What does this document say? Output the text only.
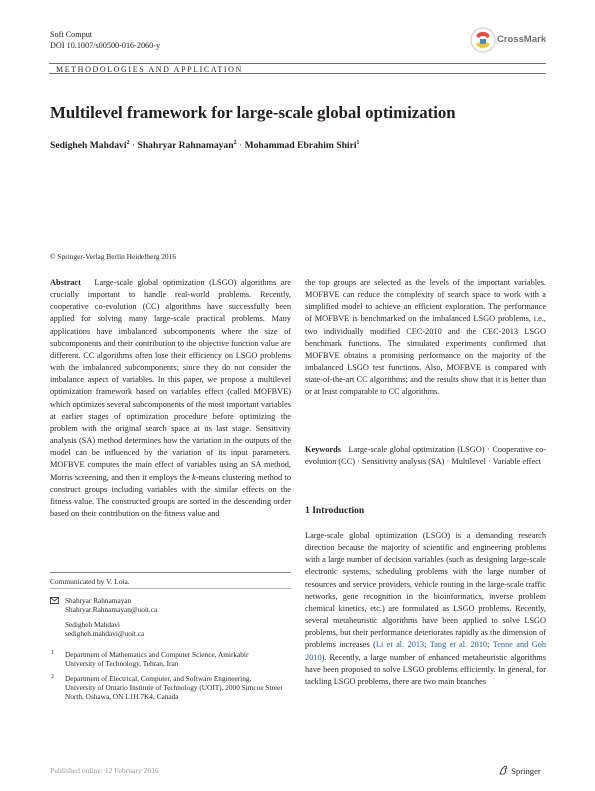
Soft Comput
DOI 10.1007/s00500-016-2060-y
CrossMark
METHODOLOGIES AND APPLICATION
Multilevel framework for large-scale global optimization
Sedigheh Mahdavi$^2$ · Shahryar Rahnamayan$^2$ · Mohammad Ebrahim Shiri$^1$
© Springer-Verlag Berlin Heidelberg 2016

Abstract Large-scale global optimization (LSGO) algorithms are crucially important to handle real-world problems. Recently, cooperative co-evolution (CC) algorithms have successfully been applied for solving many large-scale practical problems. Many applications have imbalanced subcomponents where the size of subcomponents and their contribution to the objective function value are different. CC algorithms often lose their efficiency on LSGO problems with the imbalanced subcomponents; since they do not consider the imbalance aspect of variables. In this paper, we propose a multilevel optimization framework based on variables effect (called MOFBVE) which optimizes several subcomponents of the most important variables at earlier stages of optimization procedure before optimizing the problem with the original search space at its last stage. Sensitivity analysis (SA) method determines how the variation in the outputs of the model can be influenced by the variation of its input parameters. MOFBVE computes the main effect of variables using an SA method, Morris screening, and then it employs the k-means clustering method to construct groups including variables with the similar effects on the fitness value. The constructed groups are sorted in the descending order based on their contribution on the fitness value and

the top groups are selected as the levels of the important variables. MOFBVE can reduce the complexity of search space to work with a simplified model to achieve an efficient exploration. The performance of MOFBVE is benchmarked on the imbalanced LSGO problems, i.e., two individually modified CEC-2010 and the CEC-2013 LSGO benchmark functions. The simulated experiments confirmed that MOFBVE obtains a promising performance on the majority of the imbalanced LSGO test functions. Also, MOFBVE is compared with state-of-the-art CC algorithms; and the results show that it is better than or at least comparable to CC algorithms.
Keywords Large-scale global optimization (LSGO) · Cooperative co-evolution (CC) · Sensitivity analysis (SA) · Multilevel · Variable effect
1 Introduction
Large-scale global optimization (LSGO) is a demanding research direction because the majority of scientific and engineering problems with a large number of decision variables (such as designing large-scale electronic systems, scheduling problems with the large number of resources and service providers, vehicle routing in the large-scale traffic networks, gene recognition in the bioinformatics, inverse problem chemical kinetics, etc.) are formulated as LSGO problems. Recently, several metaheuristic algorithms have been applied to solve LSGO problems, but their performance deteriorates rapidly as the dimension of problems increases (Li et al. 2013; Tang et al. 2010; Tenne and Goh 2010). Recently, a large number of enhanced metaheuristic algorithms have been proposed to solve LSGO problems efficiently. In general, for tackling LSGO problems, there are two main branches
Communicated by V. Loia.
Shahryar Rahnamayan
Shahryar.Rahnamayan@uoit.ca
Sedigheh Mahdavi
sedigheh.mahdavi@uoit.ca
1 Department of Mathematics and Computer Science, Amirkabir University of Technology, Tehran, Iran
2 Department of Electrical, Computer, and Software Engineering, University of Ontario Institute of Technology (UOIT), 2000 Simcoe Street North, Oshawa, ON L1H 7K4, Canada
Published online: 12 February 2016	Springer
